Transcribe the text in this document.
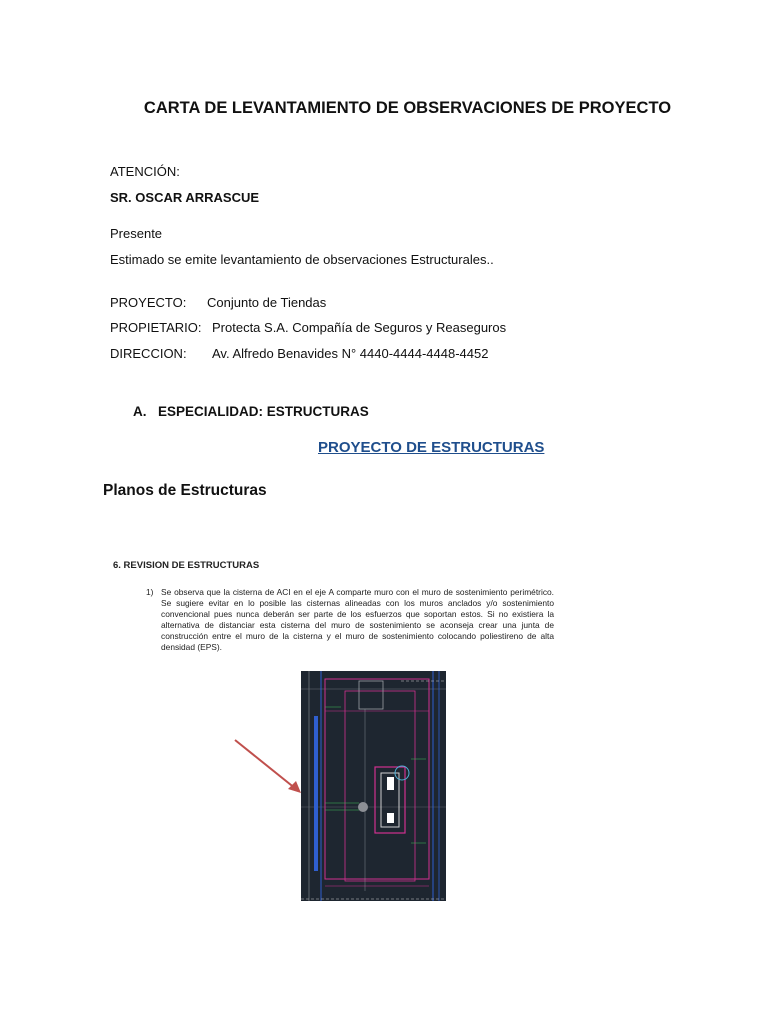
CARTA DE LEVANTAMIENTO DE OBSERVACIONES DE PROYECTO
ATENCIÓN:
SR. OSCAR ARRASCUE
Presente
Estimado se emite levantamiento de observaciones Estructurales..
PROYECTO: Conjunto de Tiendas
PROPIETARIO: Protecta S.A. Compañía de Seguros y Reaseguros
DIRECCION: Av. Alfredo Benavides N° 4440-4444-4448-4452
A. ESPECIALIDAD: ESTRUCTURAS
PROYECTO DE ESTRUCTURAS
Planos de Estructuras
6. REVISION DE ESTRUCTURAS
1) Se observa que la cisterna de ACI en el eje A comparte muro con el muro de sostenimiento perimétrico. Se sugiere evitar en lo posible las cisternas alineadas con los muros anclados y/o sostenimiento convencional pues nunca deberán ser parte de los esfuerzos que soportan estos. Si no existiera la alternativa de distanciar esta cisterna del muro de sostenimiento se aconseja crear una junta de construcción entre el muro de la cisterna y el muro de sostenimiento colocando poliestireno de alta densidad (EPS).
